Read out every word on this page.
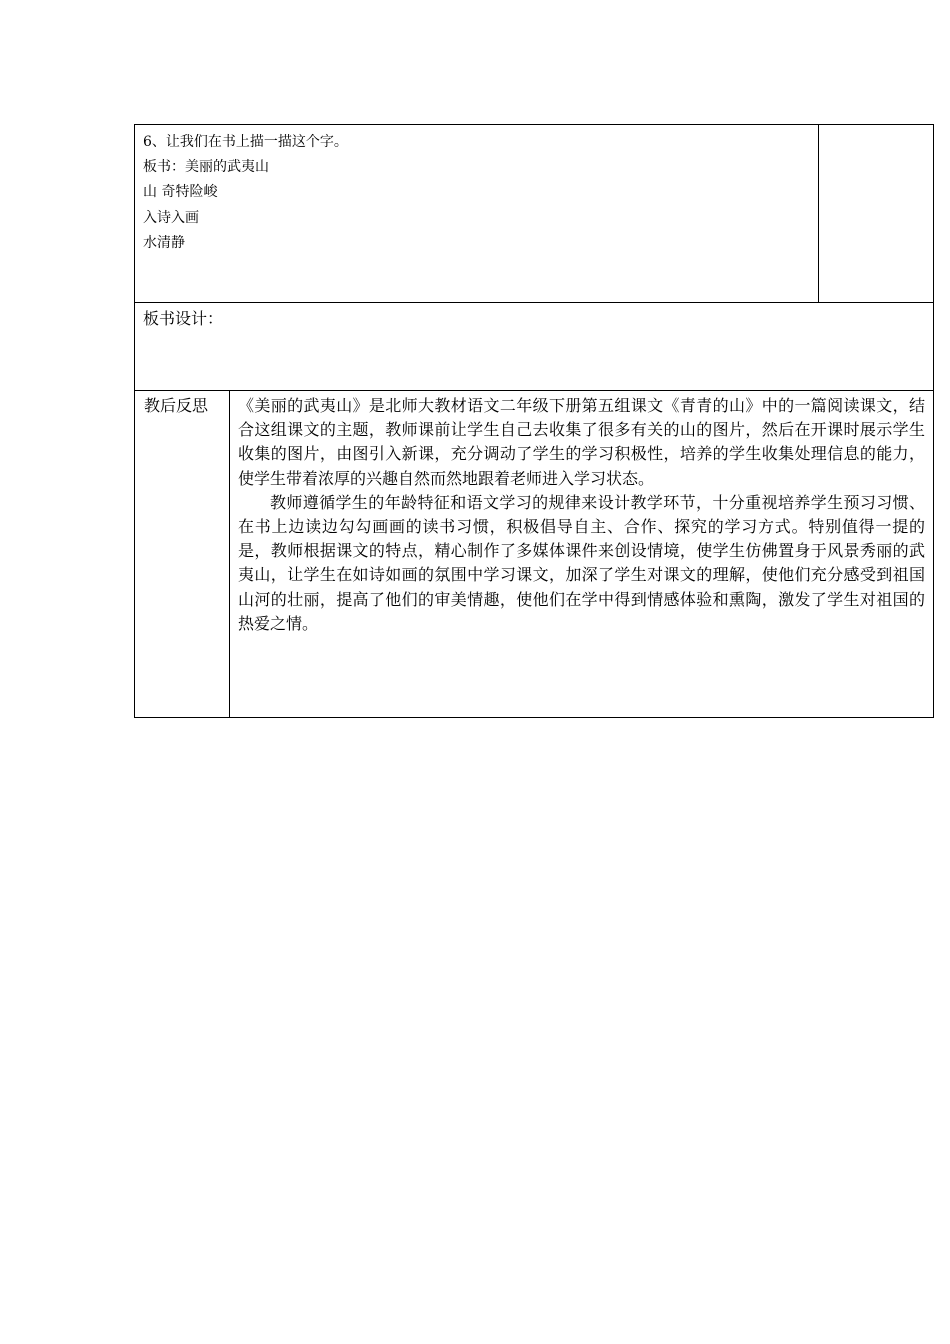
6、让我们在书上描一描这个字。
板书：美丽的武夷山
山 奇特险峻
入诗入画
水清静		

板书设计：		
教后反思	《美丽的武夷山》是北师大教材语文二年级下册第五组课文《青青的山》中的一篇阅读课文，结合这组课文的主题，教师课前让学生自己去收集了很多有关的山的图片，然后在开课时展示学生收集的图片，由图引入新课，充分调动了学生的学习积极性，培养的学生收集处理信息的能力，使学生带着浓厚的兴趣自然而然地跟着老师进入学习状态。

教师遵循学生的年龄特征和语文学习的规律来设计教学环节，十分重视培养学生预习习惯、在书上边读边勾勾画画的读书习惯，积极倡导自主、合作、探究的学习方式。特别值得一提的是，教师根据课文的特点，精心制作了多媒体课件来创设情境，使学生仿佛置身于风景秀丽的武夷山，让学生在如诗如画的氛围中学习课文，加深了学生对课文的理解，使他们充分感受到祖国山河的壮丽，提高了他们的审美情趣，使他们在学中得到情感体验和熏陶，激发了学生对祖国的热爱之情。	
